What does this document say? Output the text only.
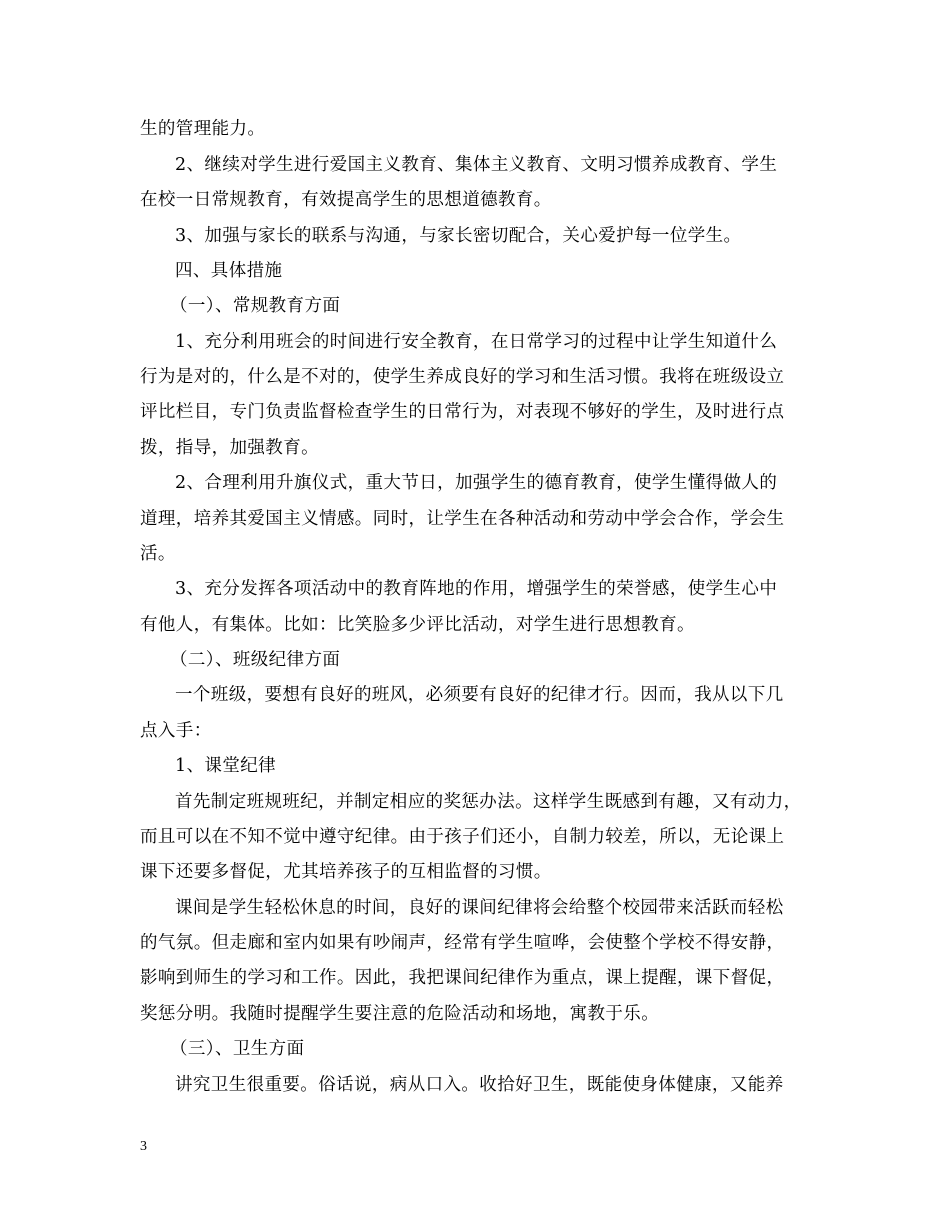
生的管理能力。
2、继续对学生进行爱国主义教育、集体主义教育、文明习惯养成教育、学生
在校一日常规教育，有效提高学生的思想道德教育。
3、加强与家长的联系与沟通，与家长密切配合，关心爱护每一位学生。
四、具体措施
（一）、常规教育方面
1、充分利用班会的时间进行安全教育，在日常学习的过程中让学生知道什么
行为是对的，什么是不对的，使学生养成良好的学习和生活习惯。我将在班级设立
评比栏目，专门负责监督检查学生的日常行为，对表现不够好的学生，及时进行点
拨，指导，加强教育。
2、合理利用升旗仪式，重大节日，加强学生的德育教育，使学生懂得做人的
道理，培养其爱国主义情感。同时，让学生在各种活动和劳动中学会合作，学会生
活。
3、充分发挥各项活动中的教育阵地的作用，增强学生的荣誉感，使学生心中
有他人，有集体。比如：比笑脸多少评比活动，对学生进行思想教育。
（二）、班级纪律方面
一个班级，要想有良好的班风，必须要有良好的纪律才行。因而，我从以下几
点入手：
1、课堂纪律
首先制定班规班纪，并制定相应的奖惩办法。这样学生既感到有趣，又有动力，
而且可以在不知不觉中遵守纪律。由于孩子们还小，自制力较差，所以，无论课上
课下还要多督促，尤其培养孩子的互相监督的习惯。
课间是学生轻松休息的时间，良好的课间纪律将会给整个校园带来活跃而轻松
的气氛。但走廊和室内如果有吵闹声，经常有学生喧哗，会使整个学校不得安静，
影响到师生的学习和工作。因此，我把课间纪律作为重点，课上提醒，课下督促，
奖惩分明。我随时提醒学生要注意的危险活动和场地，寓教于乐。
（三）、卫生方面
讲究卫生很重要。俗话说，病从口入。收拾好卫生，既能使身体健康，又能养
3
